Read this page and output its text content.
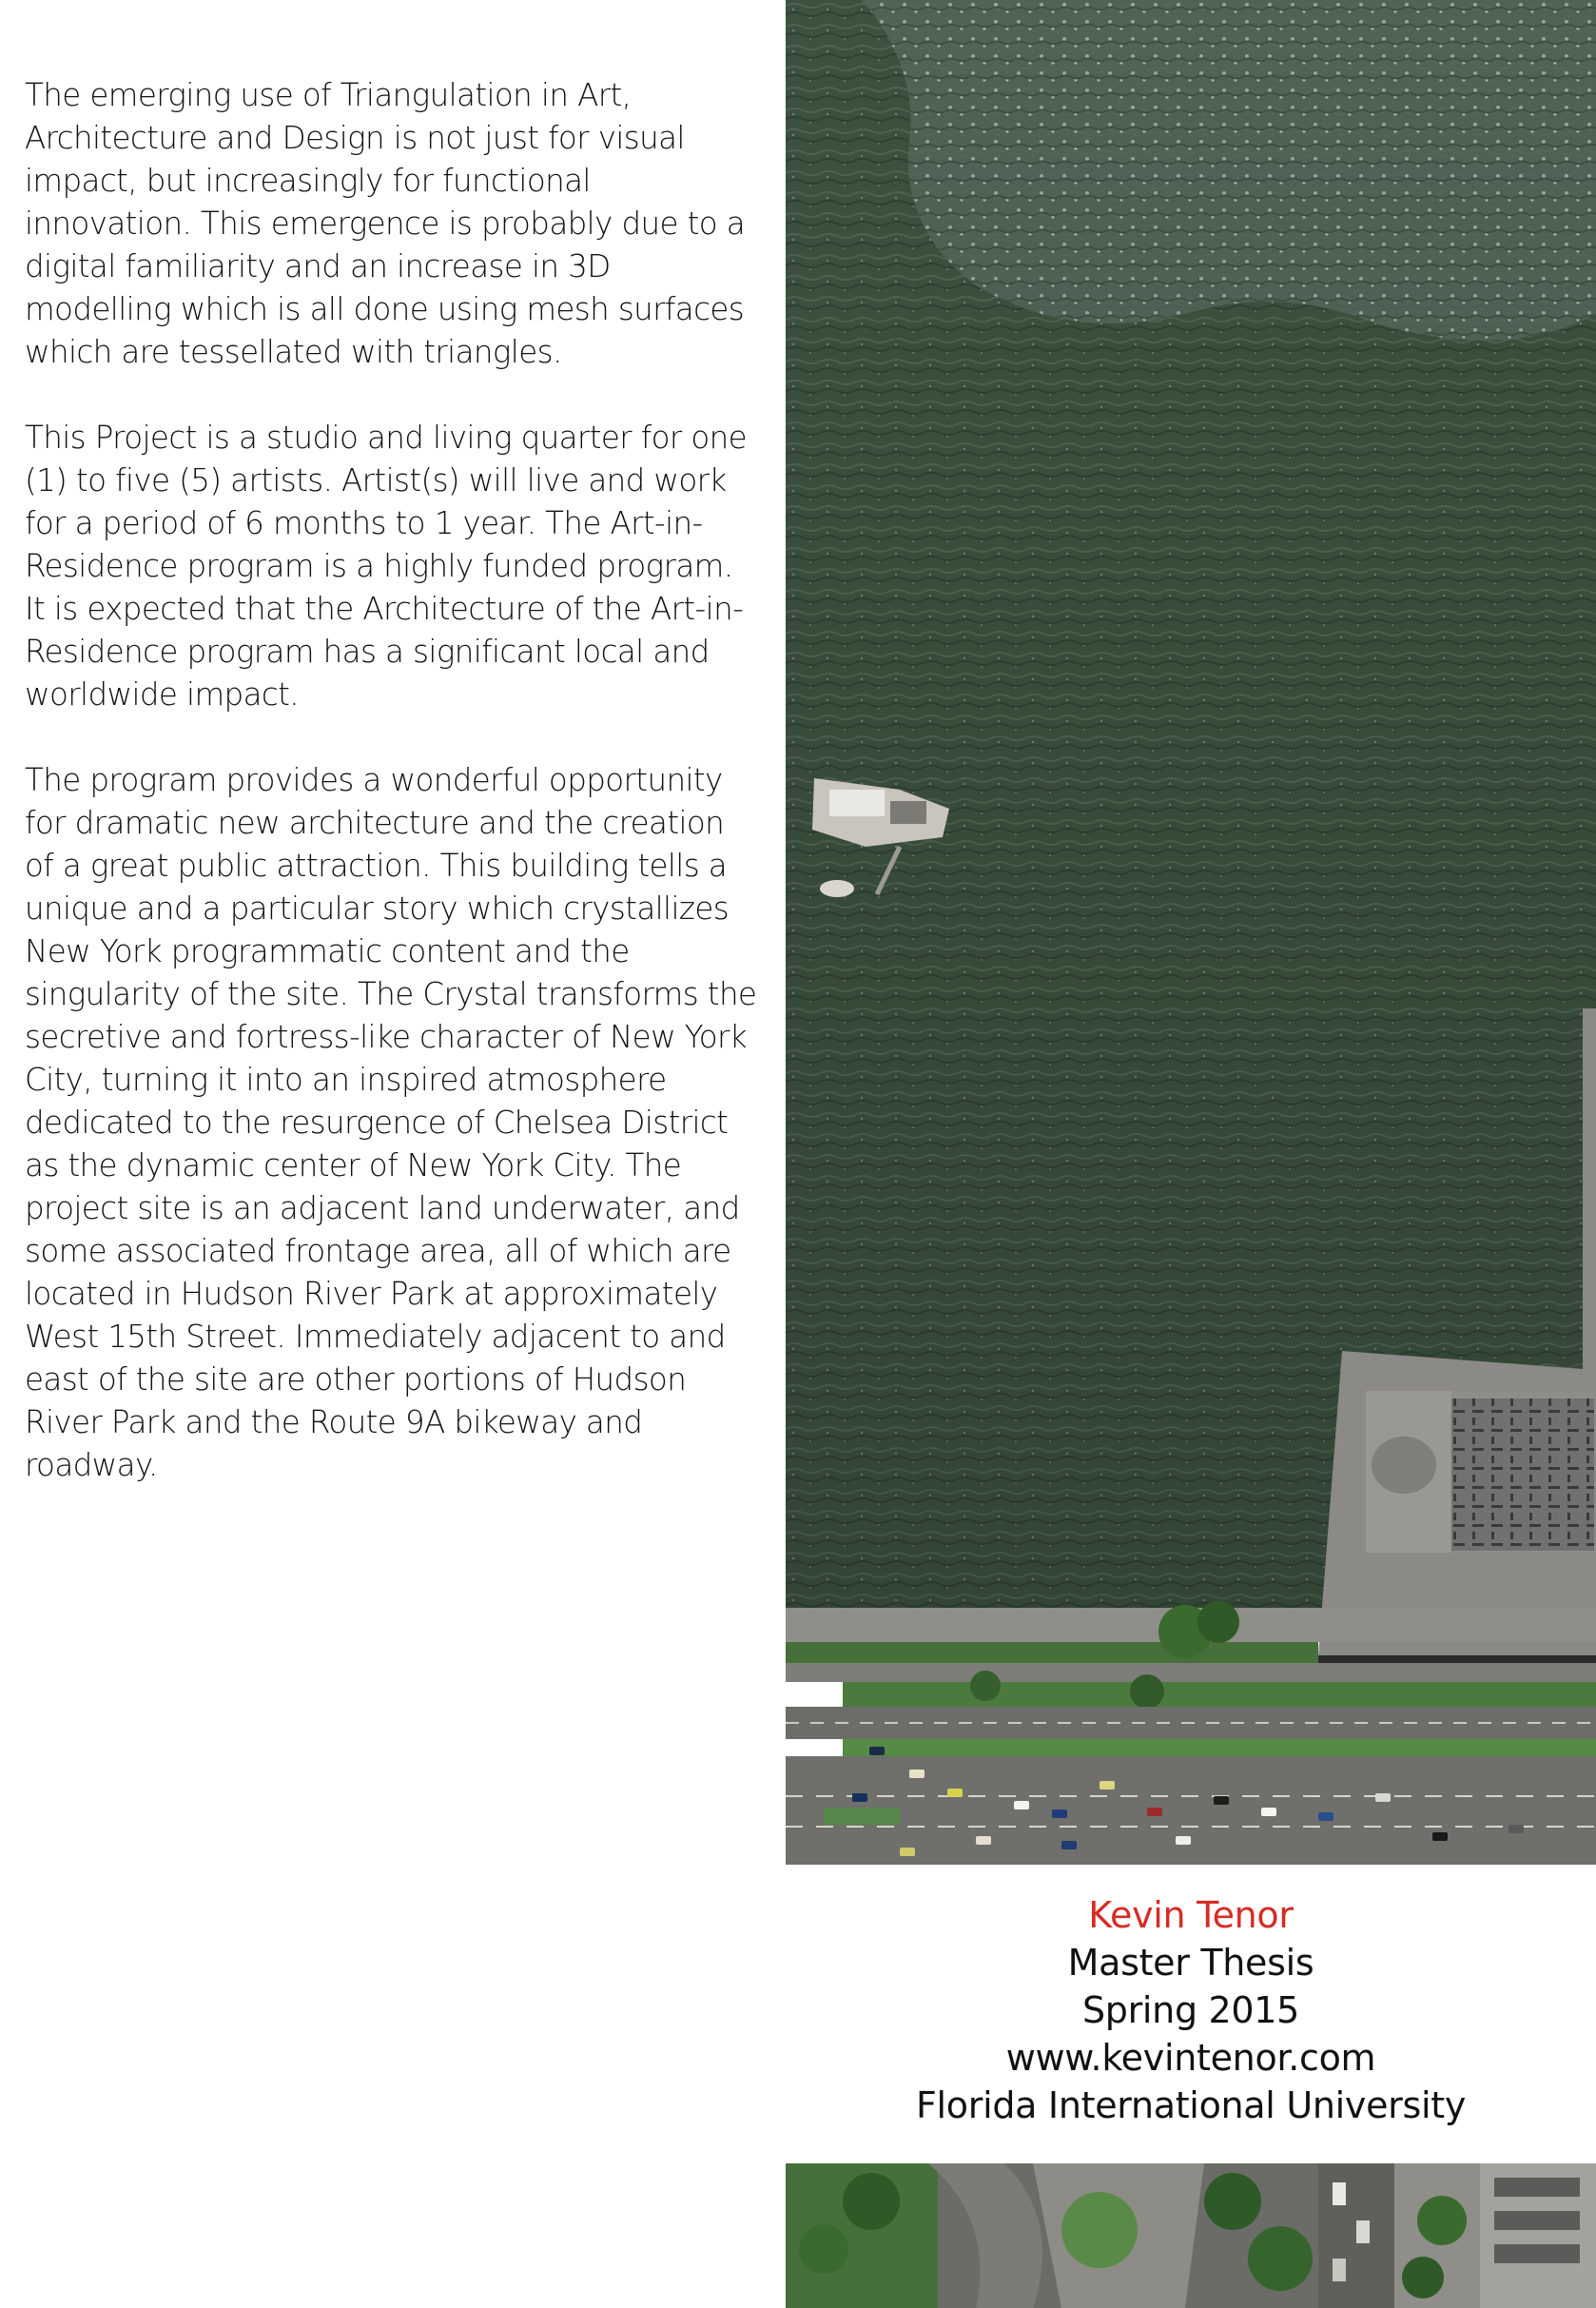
The emerging use of Triangulation in Art, Architecture and Design is not just for visual impact, but increasingly for functional innovation. This emergence is probably due to a digital familiarity and an increase in 3D modelling which is all done using mesh surfaces which are tessellated with triangles.

This Project is a studio and living quarter for one (1) to five (5) artists. Artist(s) will live and work for a period of 6 months to 1 year. The Art-in-Residence program is a highly funded program. It is expected that the Architecture of the Art-in-Residence program has a significant local and worldwide impact.

The program provides a wonderful opportunity for dramatic new architecture and the creation of a great public attraction. This building tells a unique and a particular story which crystallizes New York programmatic content and the singularity of the site. The Crystal transforms the secretive and fortress-like character of New York City, turning it into an inspired atmosphere dedicated to the resurgence of Chelsea District as the dynamic center of New York City. The project site is an adjacent land underwater, and some associated frontage area, all of which are located in Hudson River Park at approximately West 15th Street. Immediately adjacent to and east of the site are other portions of Hudson River Park and the Route 9A bikeway and roadway.

Kevin Tenor
Master Thesis
Spring 2015
www.kevintenor.com
Florida International University
